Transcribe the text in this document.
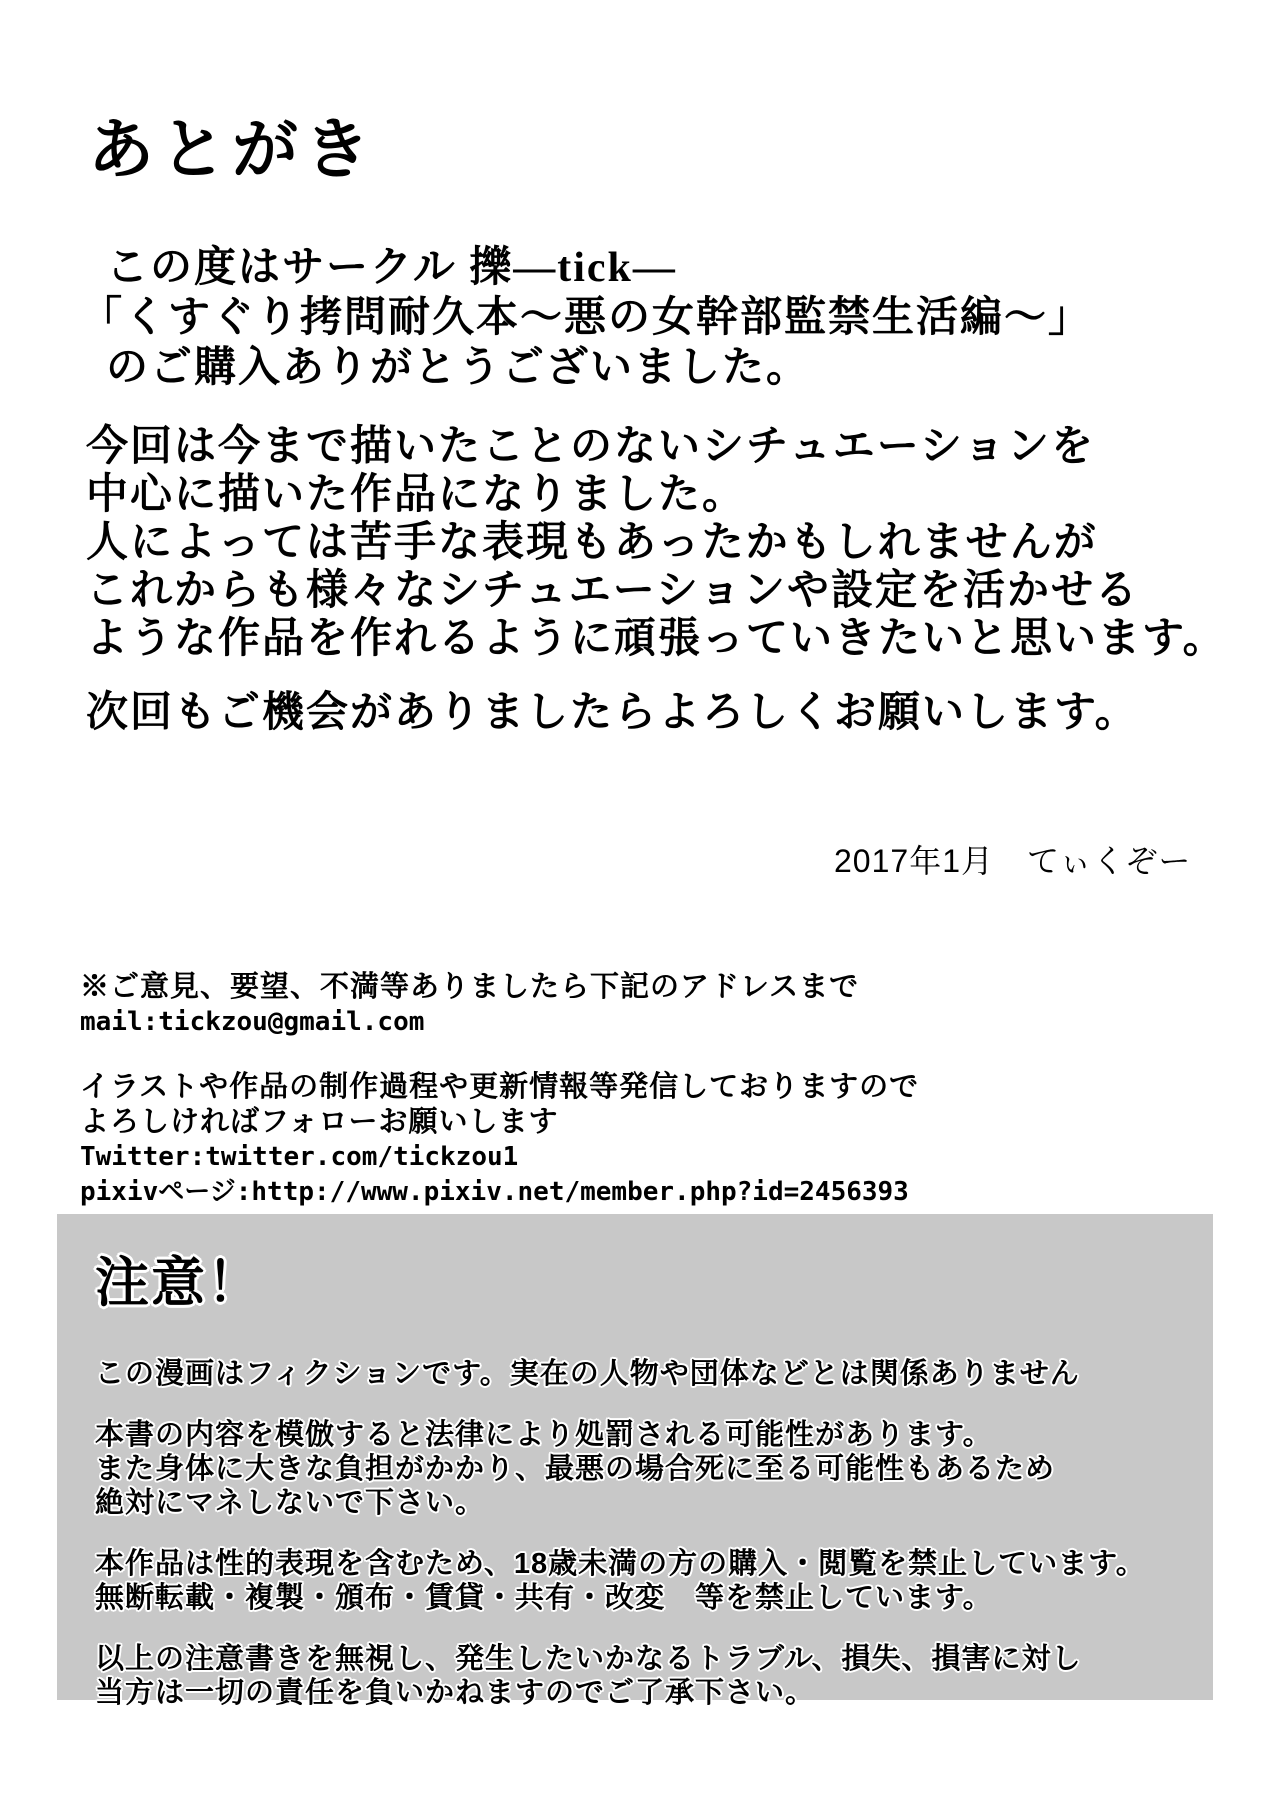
あとがき
この度はサークル 擽―tick―
「くすぐり拷問耐久本～悪の女幹部監禁生活編～」
のご購入ありがとうございました。
今回は今まで描いたことのないシチュエーションを
中心に描いた作品になりました。
人によっては苦手な表現もあったかもしれませんが
これからも様々なシチュエーションや設定を活かせる
ような作品を作れるように頑張っていきたいと思います。
次回もご機会がありましたらよろしくお願いします。
2017年1月　てぃくぞー
※ご意見、要望、不満等ありましたら下記のアドレスまで
mail:tickzou@gmail.com
イラストや作品の制作過程や更新情報等発信しておりますので
よろしければフォローお願いします
Twitter:twitter.com/tickzou1
pixivページ:http://www.pixiv.net/member.php?id=2456393
注意！
この漫画はフィクションです。実在の人物や団体などとは関係ありません
本書の内容を模倣すると法律により処罰される可能性があります。
また身体に大きな負担がかかり、最悪の場合死に至る可能性もあるため
絶対にマネしないで下さい。
本作品は性的表現を含むため、18歳未満の方の購入・閲覧を禁止しています。
無断転載・複製・頒布・賃貸・共有・改変　等を禁止しています。
以上の注意書きを無視し、発生したいかなるトラブル、損失、損害に対し
当方は一切の責任を負いかねますのでご了承下さい。
